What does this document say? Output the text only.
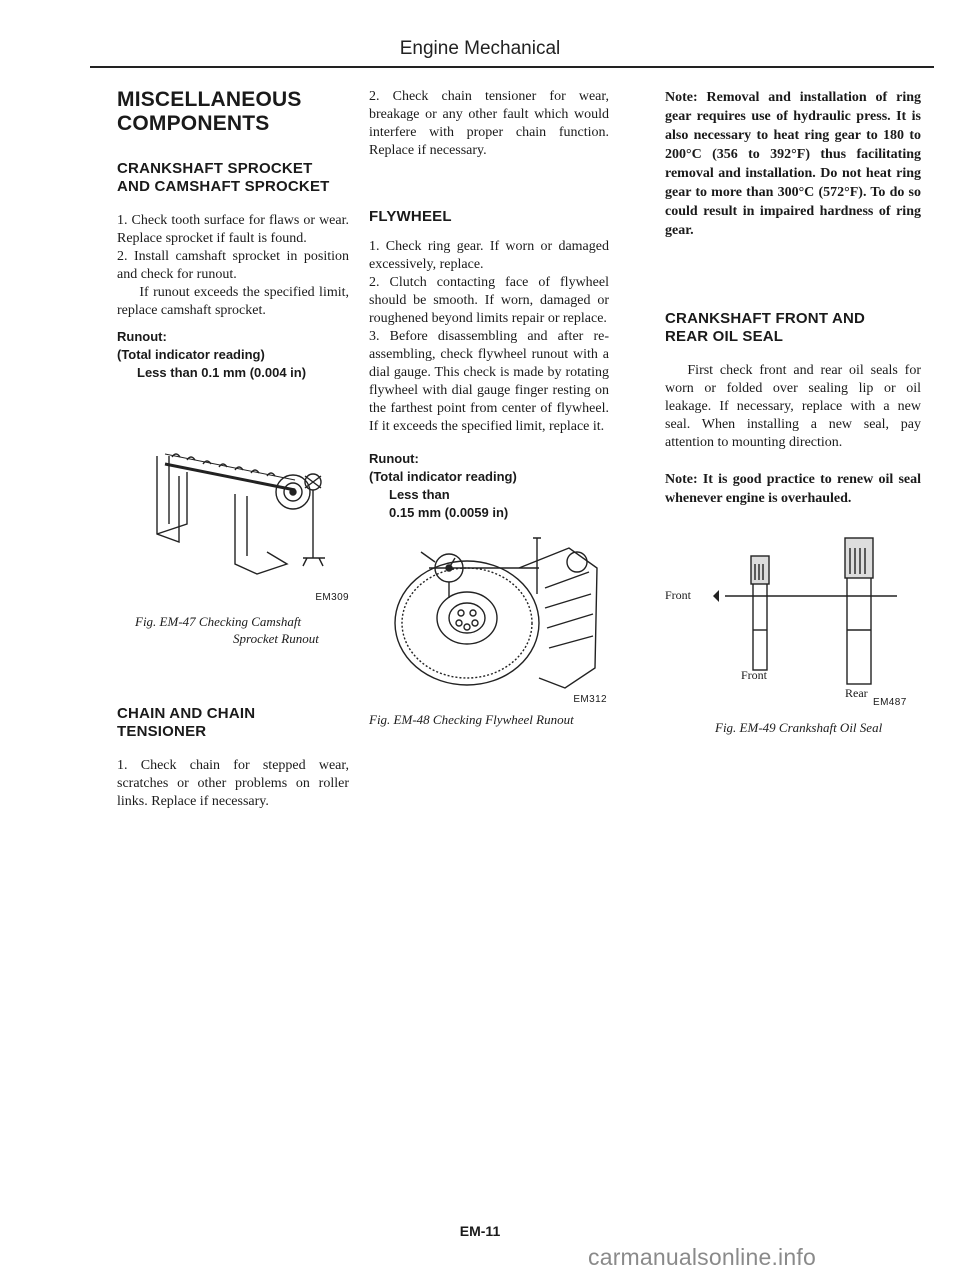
Engine Mechanical
MISCELLANEOUS
COMPONENTS
CRANKSHAFT SPROCKET
AND CAMSHAFT SPROCKET

1. Check tooth surface for flaws or wear. Replace sprocket if fault is found.

2. Install camshaft sprocket in position and check for runout.

If runout exceeds the specified limit, replace camshaft sprocket.

Runout:
(Total indicator reading)
Less than 0.1 mm (0.004 in)
EM309
Fig. EM-47 Checking Camshaft
Sprocket Runout
CHAIN AND CHAIN
TENSIONER

1. Check chain for stepped wear, scratches or other problems on roller links. Replace if necessary.

2. Check chain tensioner for wear, breakage or any other fault which would interfere with proper chain function. Replace if necessary.

FLYWHEEL

1. Check ring gear. If worn or damaged excessively, replace.

2. Clutch contacting face of flywheel should be smooth. If worn, damaged or roughened beyond limits repair or replace.

3. Before disassembling and after re-assembling, check flywheel runout with a dial gauge. This check is made by rotating flywheel with dial gauge finger resting on the farthest point from center of flywheel. If it exceeds the specified limit, replace it.

Runout:
(Total indicator reading)
Less than
0.15 mm (0.0059 in)
EM312
Fig. EM-48 Checking Flywheel Runout

Note: Removal and installation of ring gear requires use of hydraulic press. It is also necessary to heat ring gear to 180 to 200°C (356 to 392°F) thus facilitating removal and installation. Do not heat ring gear to more than 300°C (572°F). To do so could result in impaired hardness of ring gear.

CRANKSHAFT FRONT AND
REAR OIL SEAL

First check front and rear oil seals for worn or folded over sealing lip or oil leakage. If necessary, replace with a new seal. When installing a new seal, pay attention to mounting direction.

Note: It is good practice to renew oil seal whenever engine is overhauled.

Front
Front
Rear
EM487
Fig. EM-49 Crankshaft Oil Seal
EM-11
carmanualsonline.info
